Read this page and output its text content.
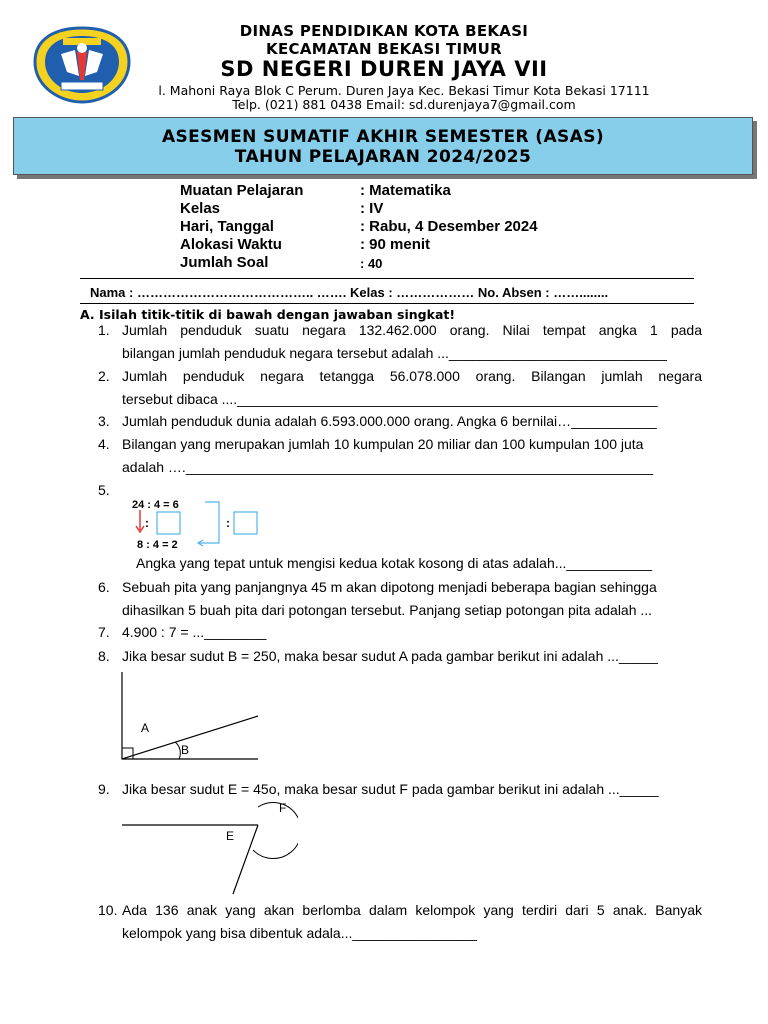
DINAS PENDIDIKAN KOTA BEKASI
KECAMATAN BEKASI TIMUR
SD NEGERI DUREN JAYA VII
l. Mahoni Raya Blok C Perum. Duren Jaya Kec. Bekasi Timur Kota Bekasi 17111
Telp. (021) 881 0438 Email: sd.durenjaya7@gmail.com
ASESMEN SUMATIF AKHIR SEMESTER (ASAS)
TAHUN PELAJARAN 2024/2025
Muatan Pelajaran	: Matematika
Kelas	: IV
Hari, Tanggal	: Rabu, 4 Desember 2024
Alokasi Waktu	: 90 menit
Jumlah Soal	: 40
Nama : ………………………………….. ……. Kelas : ……………… No. Absen : ……........
A. Isilah titik-titik di bawah dengan jawaban singkat!
1. Jumlah penduduk suatu negara 132.462.000 orang. Nilai tempat angka 1 pada
bilangan jumlah penduduk negara tersebut adalah ...____________________________
2. Jumlah penduduk negara tetangga 56.078.000 orang. Bilangan jumlah negara
tersebut dibaca ....______________________________________________________
3. Jumlah penduduk dunia adalah 6.593.000.000 orang. Angka 6 bernilai…___________
4. Bilangan yang merupakan jumlah 10 kumpulan 20 miliar dan 100 kumpulan 100 juta
adalah ….____________________________________________________________
5.
24 : 4 = 6
8 : 4 = 2
:	:
Angka yang tepat untuk mengisi kedua kotak kosong di atas adalah...___________
6. Sebuah pita yang panjangnya 45 m akan dipotong menjadi beberapa bagian sehingga
dihasilkan 5 buah pita dari potongan tersebut. Panjang setiap potongan pita adalah ...
7. 4.900 : 7 = ...________
8. Jika besar sudut B = 250, maka besar sudut A pada gambar berikut ini adalah ..._____
A
B
9. Jika besar sudut E = 45o, maka besar sudut F pada gambar berikut ini adalah ..._____
E
F
10. Ada 136 anak yang akan berlomba dalam kelompok yang terdiri dari 5 anak. Banyak
kelompok yang bisa dibentuk adala...________________
